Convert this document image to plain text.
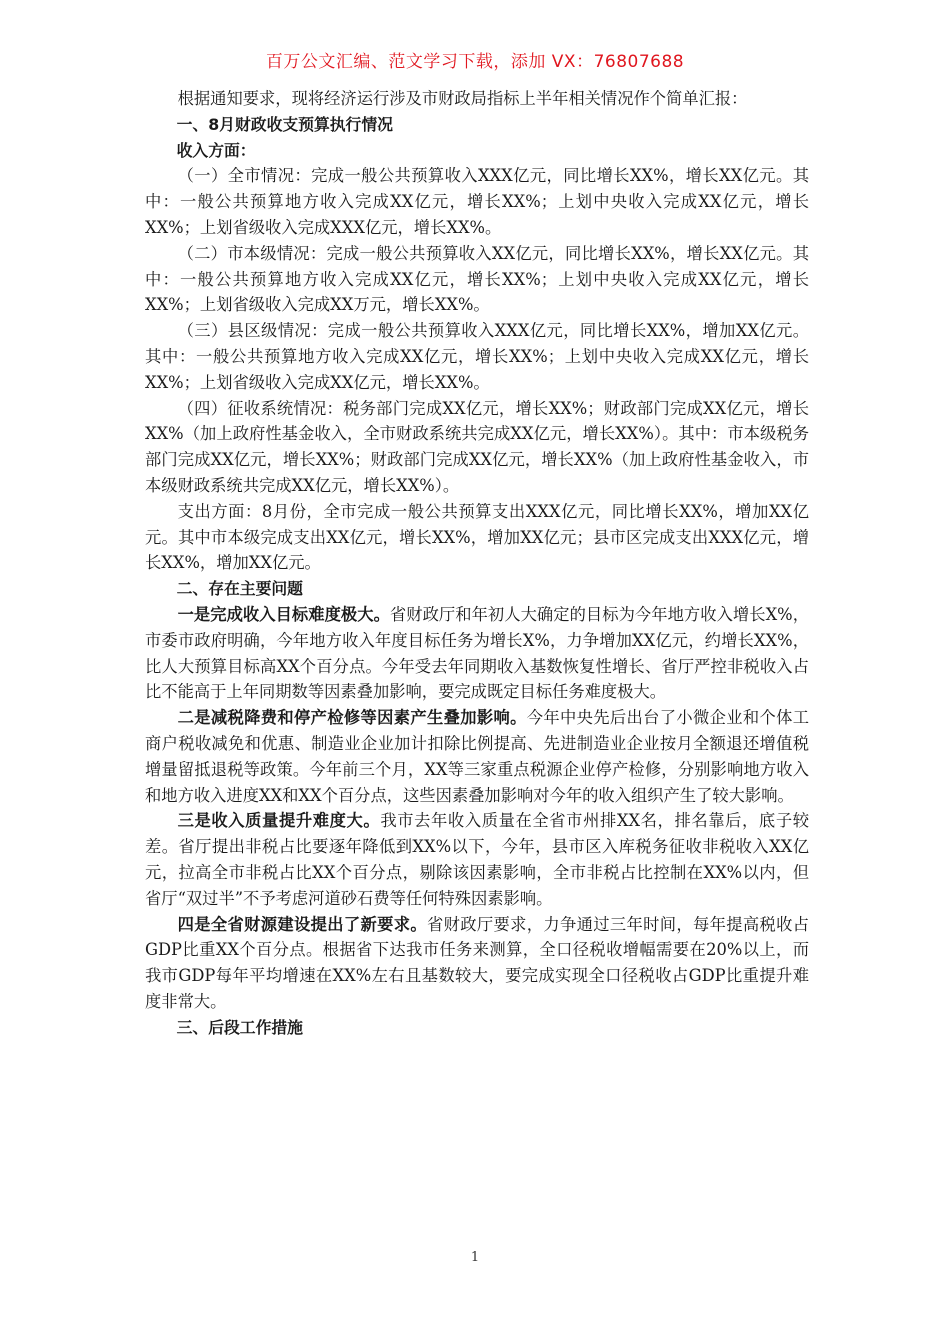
百万公文汇编、范文学习下载，添加 VX：76807688

根据通知要求，现将经济运行涉及市财政局指标上半年相关情况作个简单汇报：

一、8月财政收支预算执行情况

收入方面：

（一）全市情况：完成一般公共预算收入XXX亿元，同比增长XX%，增长XX亿元。其中：一般公共预算地方收入完成XX亿元，增长XX%；上划中央收入完成XX亿元，增长XX%；上划省级收入完成XXX亿元，增长XX%。

（二）市本级情况：完成一般公共预算收入XX亿元，同比增长XX%，增长XX亿元。其中：一般公共预算地方收入完成XX亿元，增长XX%；上划中央收入完成XX亿元，增长XX%；上划省级收入完成XX万元，增长XX%。

（三）县区级情况：完成一般公共预算收入XXX亿元，同比增长XX%，增加XX亿元。其中：一般公共预算地方收入完成XX亿元，增长XX%；上划中央收入完成XX亿元，增长XX%；上划省级收入完成XX亿元，增长XX%。

（四）征收系统情况：税务部门完成XX亿元，增长XX%；财政部门完成XX亿元，增长XX%（加上政府性基金收入，全市财政系统共完成XX亿元，增长XX%）。其中：市本级税务部门完成XX亿元，增长XX%；财政部门完成XX亿元，增长XX%（加上政府性基金收入，市本级财政系统共完成XX亿元，增长XX%）。

支出方面：8月份，全市完成一般公共预算支出XXX亿元，同比增长XX%，增加XX亿元。其中市本级完成支出XX亿元，增长XX%，增加XX亿元；县市区完成支出XXX亿元，增长XX%，增加XX亿元。

二、存在主要问题

一是完成收入目标难度极大。省财政厅和年初人大确定的目标为今年地方收入增长X%，市委市政府明确，今年地方收入年度目标任务为增长X%，力争增加XX亿元，约增长XX%，比人大预算目标高XX个百分点。今年受去年同期收入基数恢复性增长、省厅严控非税收入占比不能高于上年同期数等因素叠加影响，要完成既定目标任务难度极大。

二是减税降费和停产检修等因素产生叠加影响。今年中央先后出台了小微企业和个体工商户税收减免和优惠、制造业企业加计扣除比例提高、先进制造业企业按月全额退还增值税增量留抵退税等政策。今年前三个月，XX等三家重点税源企业停产检修，分别影响地方收入和地方收入进度XX和XX个百分点，这些因素叠加影响对今年的收入组织产生了较大影响。

三是收入质量提升难度大。我市去年收入质量在全省市州排XX名，排名靠后，底子较差。省厅提出非税占比要逐年降低到XX%以下，今年，县市区入库税务征收非税收入XX亿元，拉高全市非税占比XX个百分点，剔除该因素影响，全市非税占比控制在XX%以内，但省厅“双过半”不予考虑河道砂石费等任何特殊因素影响。

四是全省财源建设提出了新要求。省财政厅要求，力争通过三年时间，每年提高税收占GDP比重XX个百分点。根据省下达我市任务来测算，全口径税收增幅需要在20%以上，而我市GDP每年平均增速在XX%左右且基数较大，要完成实现全口径税收占GDP比重提升难度非常大。

三、后段工作措施

1
